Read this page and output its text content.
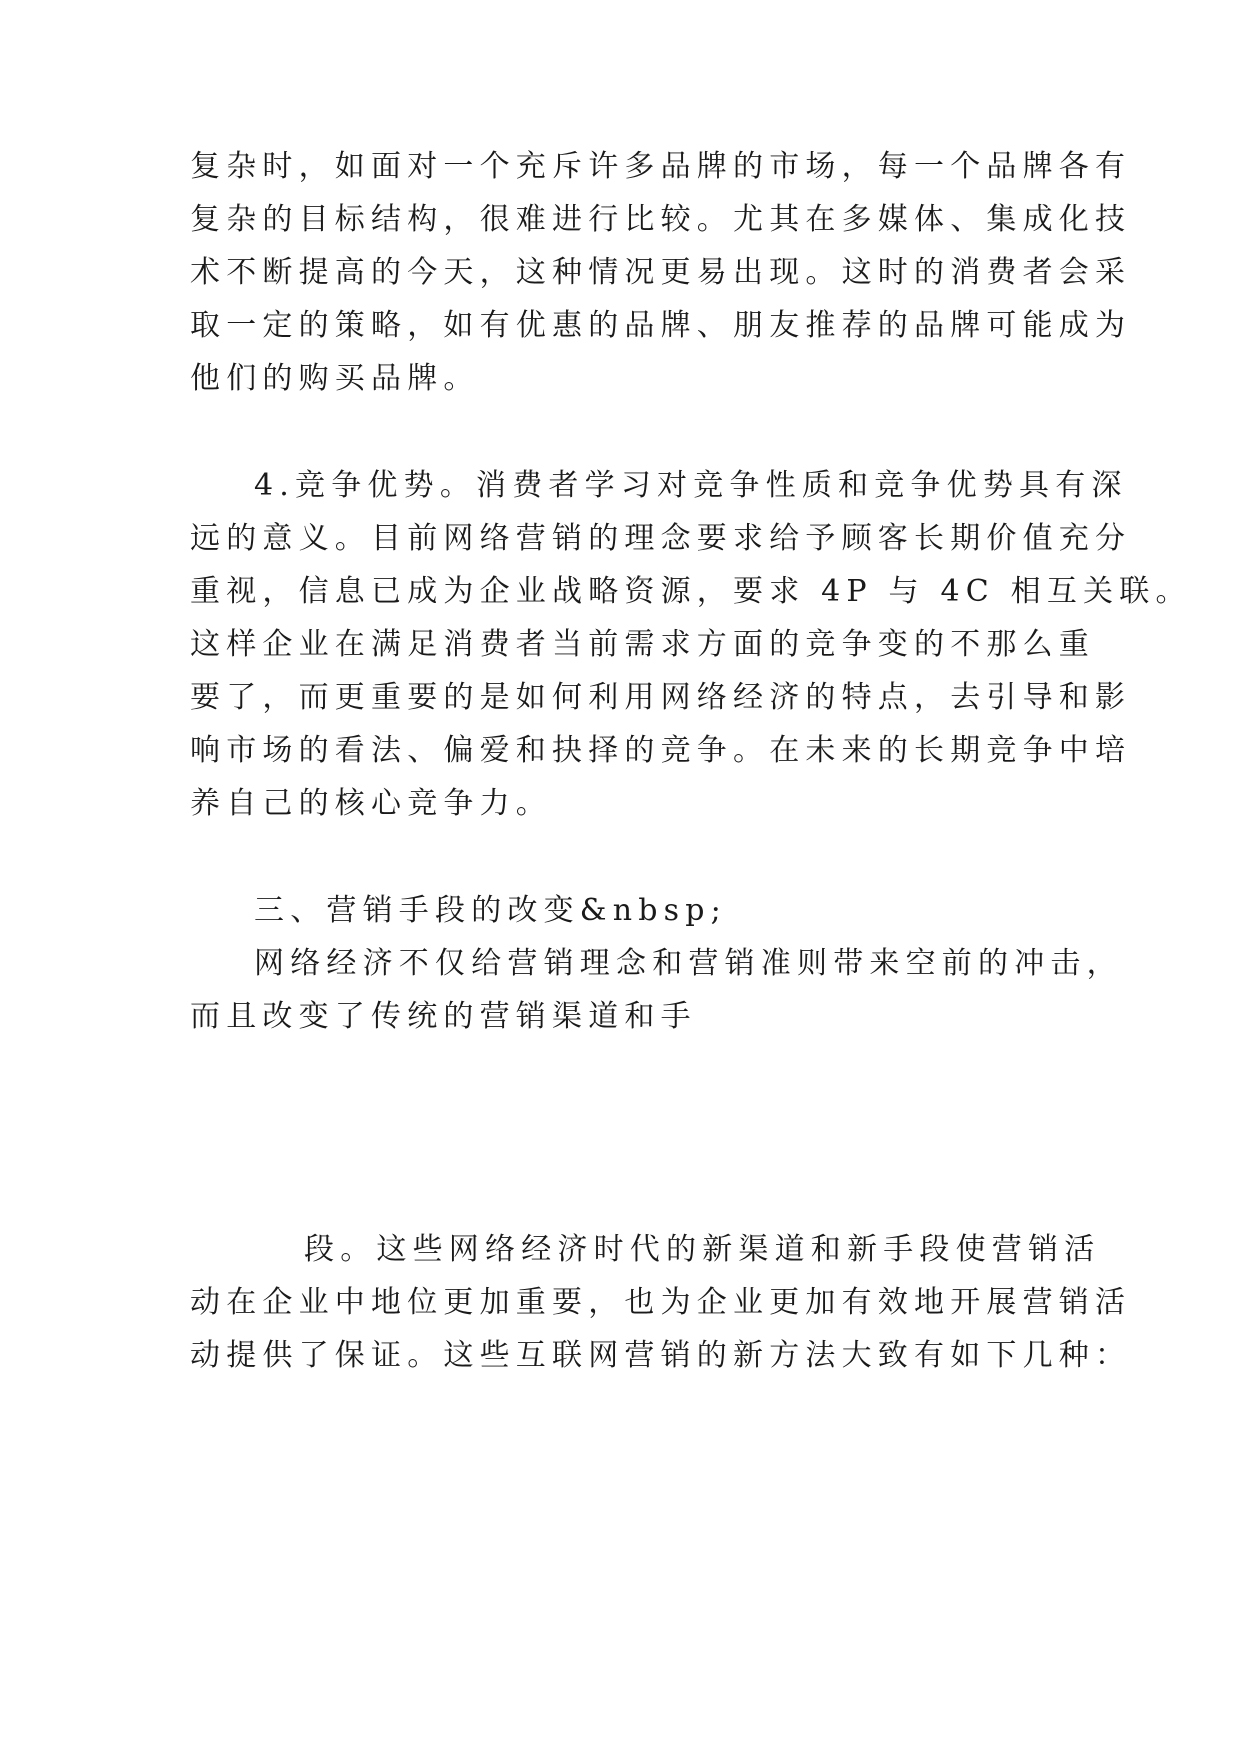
复杂时，如面对一个充斥许多品牌的市场，每一个品牌各有
复杂的目标结构，很难进行比较。尤其在多媒体、集成化技
术不断提高的今天，这种情况更易出现。这时的消费者会采
取一定的策略，如有优惠的品牌、朋友推荐的品牌可能成为
他们的购买品牌。
4.竞争优势。消费者学习对竞争性质和竞争优势具有深
远的意义。目前网络营销的理念要求给予顾客长期价值充分
重视，信息已成为企业战略资源，要求 4P 与 4C 相互关联。
这样企业在满足消费者当前需求方面的竞争变的不那么重
要了，而更重要的是如何利用网络经济的特点，去引导和影
响市场的看法、偏爱和抉择的竞争。在未来的长期竞争中培
养自己的核心竞争力。
三、营销手段的改变&nbsp;
网络经济不仅给营销理念和营销准则带来空前的冲击，
而且改变了传统的营销渠道和手
段。这些网络经济时代的新渠道和新手段使营销活
动在企业中地位更加重要，也为企业更加有效地开展营销活
动提供了保证。这些互联网营销的新方法大致有如下几种：
